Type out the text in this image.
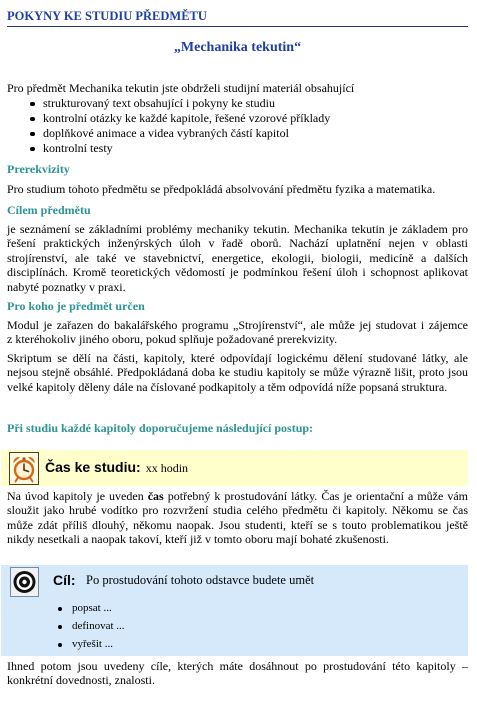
POKYNY KE STUDIU PŘEDMĚTU
„Mechanika tekutin“
Pro předmět Mechanika tekutin jste obdrželi studijní materiál obsahující
strukturovaný text obsahující i pokyny ke studiu
kontrolní otázky ke každé kapitole, řešené vzorové příklady
doplňkové animace a videa vybraných částí kapitol
kontrolní testy
Prerekvizity
Pro studium tohoto předmětu se předpokládá absolvování předmětu fyzika a matematika.
Cílem předmětu
je seznámení se základními problémy mechaniky tekutin. Mechanika tekutin je základem pro
řešení praktických inženýrských úloh v řadě oborů. Nachází uplatnění nejen v oblasti
strojírenství, ale také ve stavebnictví, energetice, ekologii, biologii, medicíně a dalších
disciplínách. Kromě teoretických vědomostí je podmínkou řešení úloh i schopnost aplikovat
nabyté poznatky v praxi.
Pro koho je předmět určen
Modul je zařazen do bakalářského programu „Strojírenství“, ale může jej studovat i zájemce
z kteréhokoliv jiného oboru, pokud splňuje požadované prerekvizity.
Skriptum se dělí na části, kapitoly, které odpovídají logickému dělení studované látky, ale
nejsou stejně obsáhlé. Předpokládaná doba ke studiu kapitoly se může výrazně lišit, proto jsou
velké kapitoly děleny dále na číslované podkapitoly a těm odpovídá níže popsaná struktura.
Při studiu každé kapitoly doporučujeme následující postup:
Čas ke studiu: xx hodin
Na úvod kapitoly je uveden čas potřebný k prostudování látky. Čas je orientační a může vám
sloužit jako hrubé vodítko pro rozvržení studia celého předmětu či kapitoly. Někomu se čas
může zdát příliš dlouhý, někomu naopak. Jsou studenti, kteří se s touto problematikou ještě
nikdy nesetkali a naopak takoví, kteří již v tomto oboru mají bohaté zkušenosti.
Cíl: Po prostudování tohoto odstavce budete umět
popsat ...
definovat ...
vyřešit ...
Ihned potom jsou uvedeny cíle, kterých máte dosáhnout po prostudování této kapitoly –
konkrétní dovednosti, znalosti.
